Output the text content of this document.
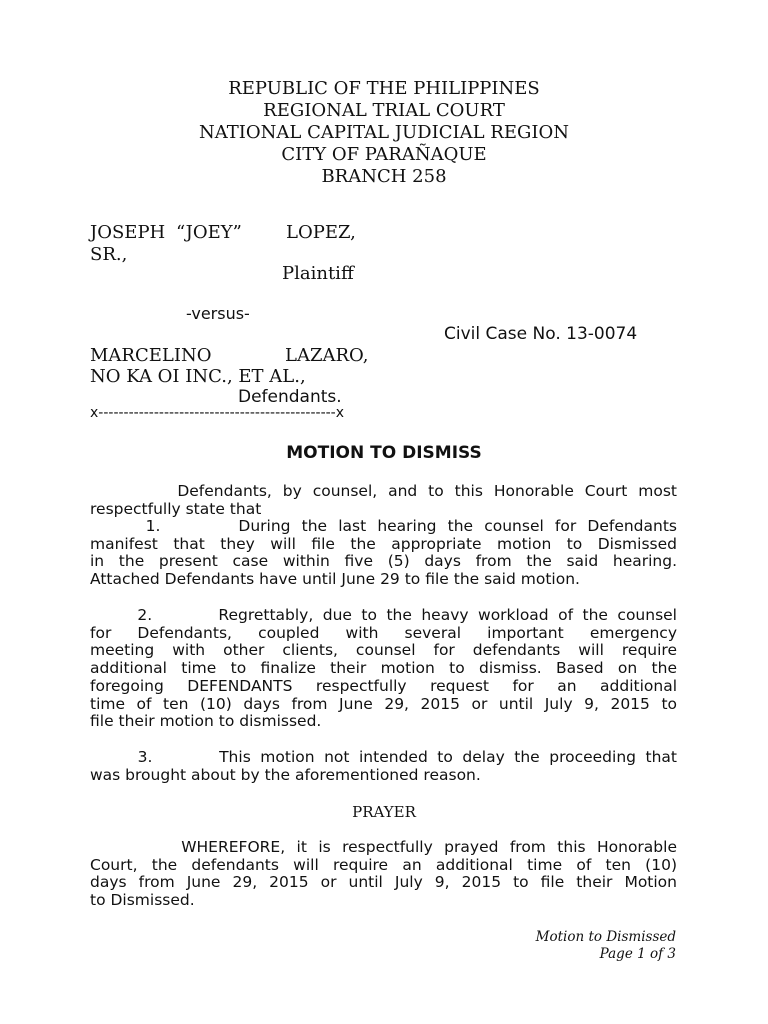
REPUBLIC OF THE PHILIPPINES
REGIONAL TRIAL COURT
NATIONAL CAPITAL JUDICIAL REGION
CITY OF PARAÑAQUE
BRANCH 258
JOSEPH “JOEY” LOPEZ,
SR.,
Plaintiff
-versus-
Civil Case No. 13-0074
MARCELINO	LAZARO,
NO KA OI INC., ET AL.,
Defendants.
x-----------------------------------------------x
MOTION TO DISMISS
Defendants, by counsel, and to this Honorable Court most
respectfully state that
1.       During the last hearing the counsel for Defendants
manifest that they will file the appropriate motion to Dismissed
in the present case within five (5) days from the said hearing.
Attached Defendants have until June 29 to file the said motion.
2.       Regrettably, due to the heavy workload of the counsel
for Defendants, coupled with several important emergency
meeting with other clients, counsel for defendants will require
additional time to finalize their motion to dismiss. Based on the
foregoing DEFENDANTS respectfully request for an additional
time of ten (10) days from June 29, 2015 or until July 9, 2015 to
file their motion to dismissed.
3.       This motion not intended to delay the proceeding that
was brought about by the aforementioned reason.
PRAYER
WHEREFORE, it is respectfully prayed from this Honorable
Court, the defendants will require an additional time of ten (10)
days from June 29, 2015 or until July 9, 2015 to file their Motion
to Dismissed.
Motion to Dismissed
Page 1 of 3
